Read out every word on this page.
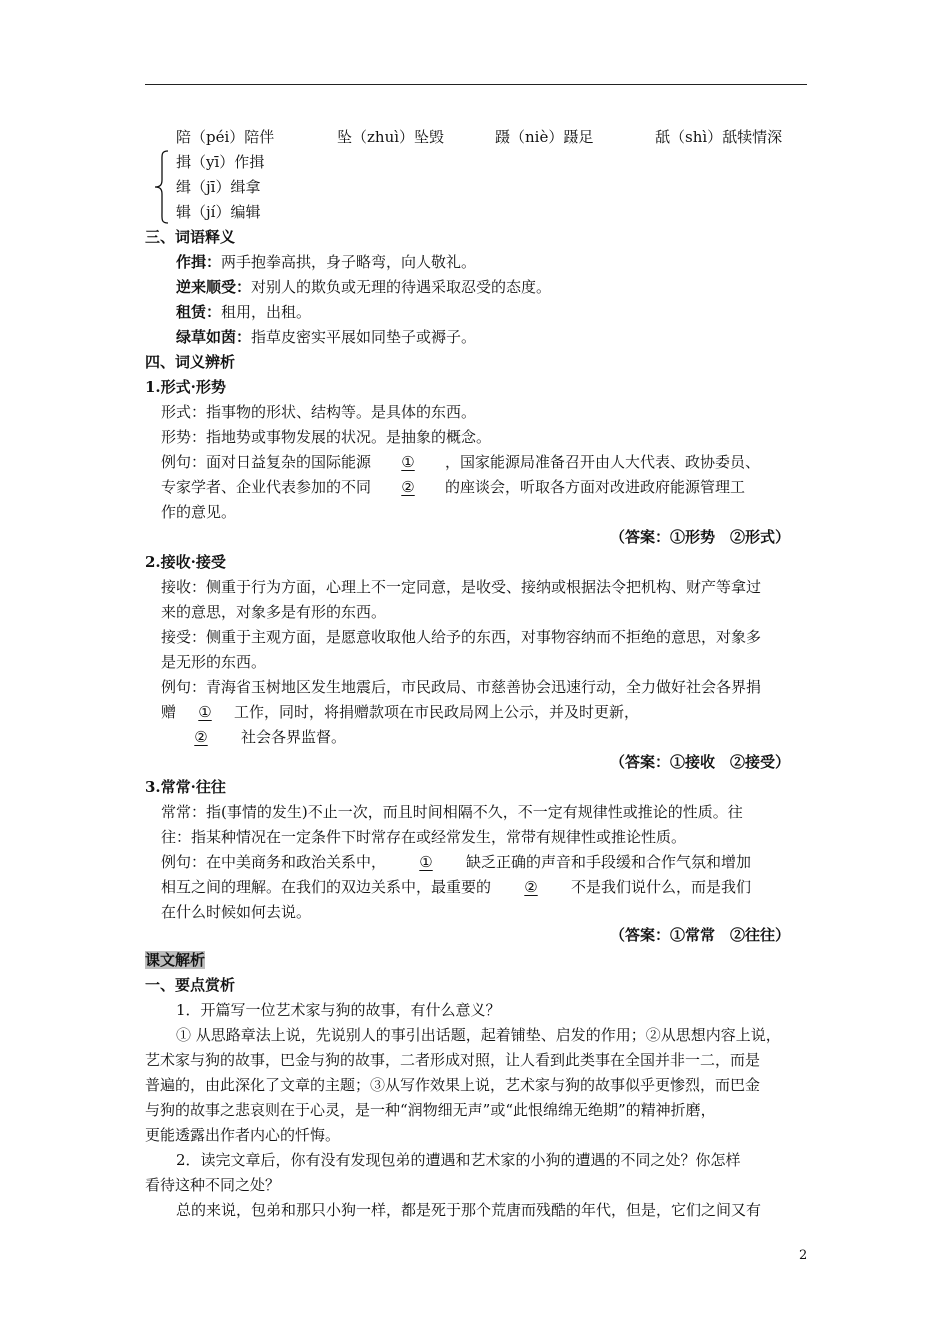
陪（péi）陪伴	坠（zhuì）坠毁	蹑（niè）蹑足	舐（shì）舐犊情深
揖（yī）作揖
缉（jī）缉拿
辑（jí）编辑
三、词语释义
作揖：两手抱拳高拱，身子略弯，向人敬礼。
逆来顺受：对别人的欺负或无理的待遇采取忍受的态度。
租赁：租用，出租。
绿草如茵：指草皮密实平展如同垫子或褥子。
四、词义辨析
1.形式·形势
形式：指事物的形状、结构等。是具体的东西。
形势：指地势或事物发展的状况。是抽象的概念。
例句：面对日益复杂的国际能源 ① ，国家能源局准备召开由人大代表、政协委员、
专家学者、企业代表参加的不同 ② 的座谈会，听取各方面对改进政府能源管理工
作的意见。
（答案：①形势　②形式）
2.接收·接受
接收：侧重于行为方面，心理上不一定同意，是收受、接纳或根据法令把机构、财产等拿过
来的意思，对象多是有形的东西。
接受：侧重于主观方面，是愿意收取他人给予的东西，对事物容纳而不拒绝的意思，对象多
是无形的东西。
例句：青海省玉树地区发生地震后，市民政局、市慈善协会迅速行动，全力做好社会各界捐
赠 ① 工作，同时，将捐赠款项在市民政局网上公示，并及时更新，
② 社会各界监督。
（答案：①接收　②接受）
3.常常·往往
常常：指(事情的发生)不止一次，而且时间相隔不久，不一定有规律性或推论的性质。往
往：指某种情况在一定条件下时常存在或经常发生，常带有规律性或推论性质。
例句：在中美商务和政治关系中， ① 缺乏正确的声音和手段缓和合作气氛和增加
相互之间的理解。在我们的双边关系中，最重要的 ② 不是我们说什么，而是我们
在什么时候如何去说。
（答案：①常常　②往往）
课文解析
一、要点赏析
1．开篇写一位艺术家与狗的故事，有什么意义？
① 从思路章法上说，先说别人的事引出话题，起着铺垫、启发的作用；②从思想内容上说，
艺术家与狗的故事，巴金与狗的故事，二者形成对照，让人看到此类事在全国并非一二，而是
普遍的，由此深化了文章的主题；③从写作效果上说，艺术家与狗的故事似乎更惨烈，而巴金
与狗的故事之悲哀则在于心灵，是一种“润物细无声”或“此恨绵绵无绝期”的精神折磨，
更能透露出作者内心的忏悔。
2．读完文章后，你有没有发现包弟的遭遇和艺术家的小狗的遭遇的不同之处？你怎样
看待这种不同之处？
总的来说，包弟和那只小狗一样，都是死于那个荒唐而残酷的年代，但是，它们之间又有
2
